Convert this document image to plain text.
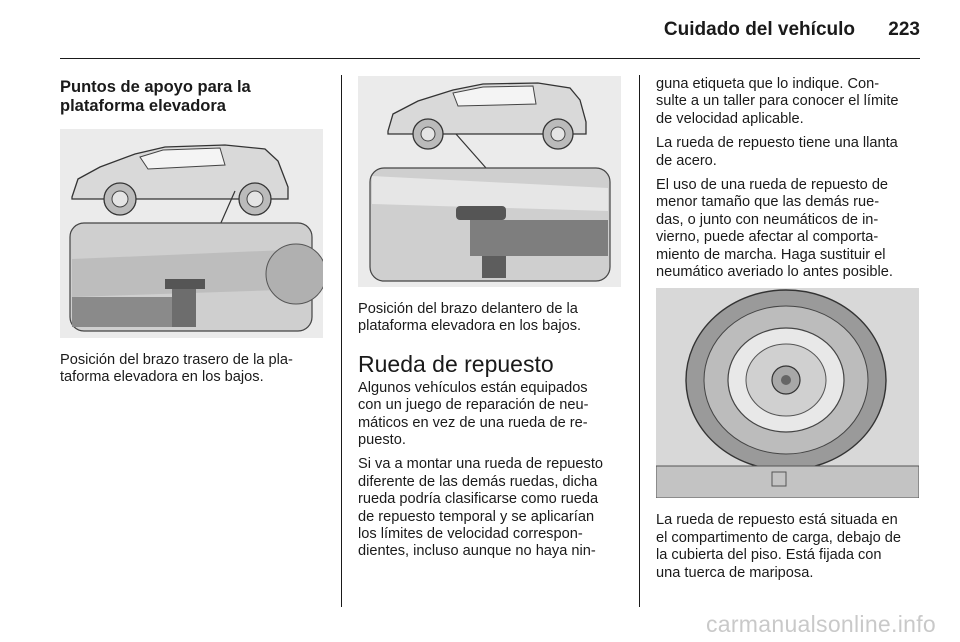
Cuidado del vehículo 223
Puntos de apoyo para la
plataforma elevadora
Posición del brazo trasero de la pla-
taforma elevadora en los bajos.
Posición del brazo delantero de la
plataforma elevadora en los bajos.
Rueda de repuesto

Algunos vehículos están equipados
con un juego de reparación de neu-
máticos en vez de una rueda de re-
puesto.

Si va a montar una rueda de repuesto
diferente de las demás ruedas, dicha
rueda podría clasificarse como rueda
de repuesto temporal y se aplicarían
los límites de velocidad correspon-
dientes, incluso aunque no haya nin-

guna etiqueta que lo indique. Con-
sulte a un taller para conocer el límite
de velocidad aplicable.

La rueda de repuesto tiene una llanta
de acero.

El uso de una rueda de repuesto de
menor tamaño que las demás rue-
das, o junto con neumáticos de in-
vierno, puede afectar al comporta-
miento de marcha. Haga sustituir el
neumático averiado lo antes posible.

La rueda de repuesto está situada en
el compartimento de carga, debajo de
la cubierta del piso. Está fijada con
una tuerca de mariposa.

carmanualsonline.info
